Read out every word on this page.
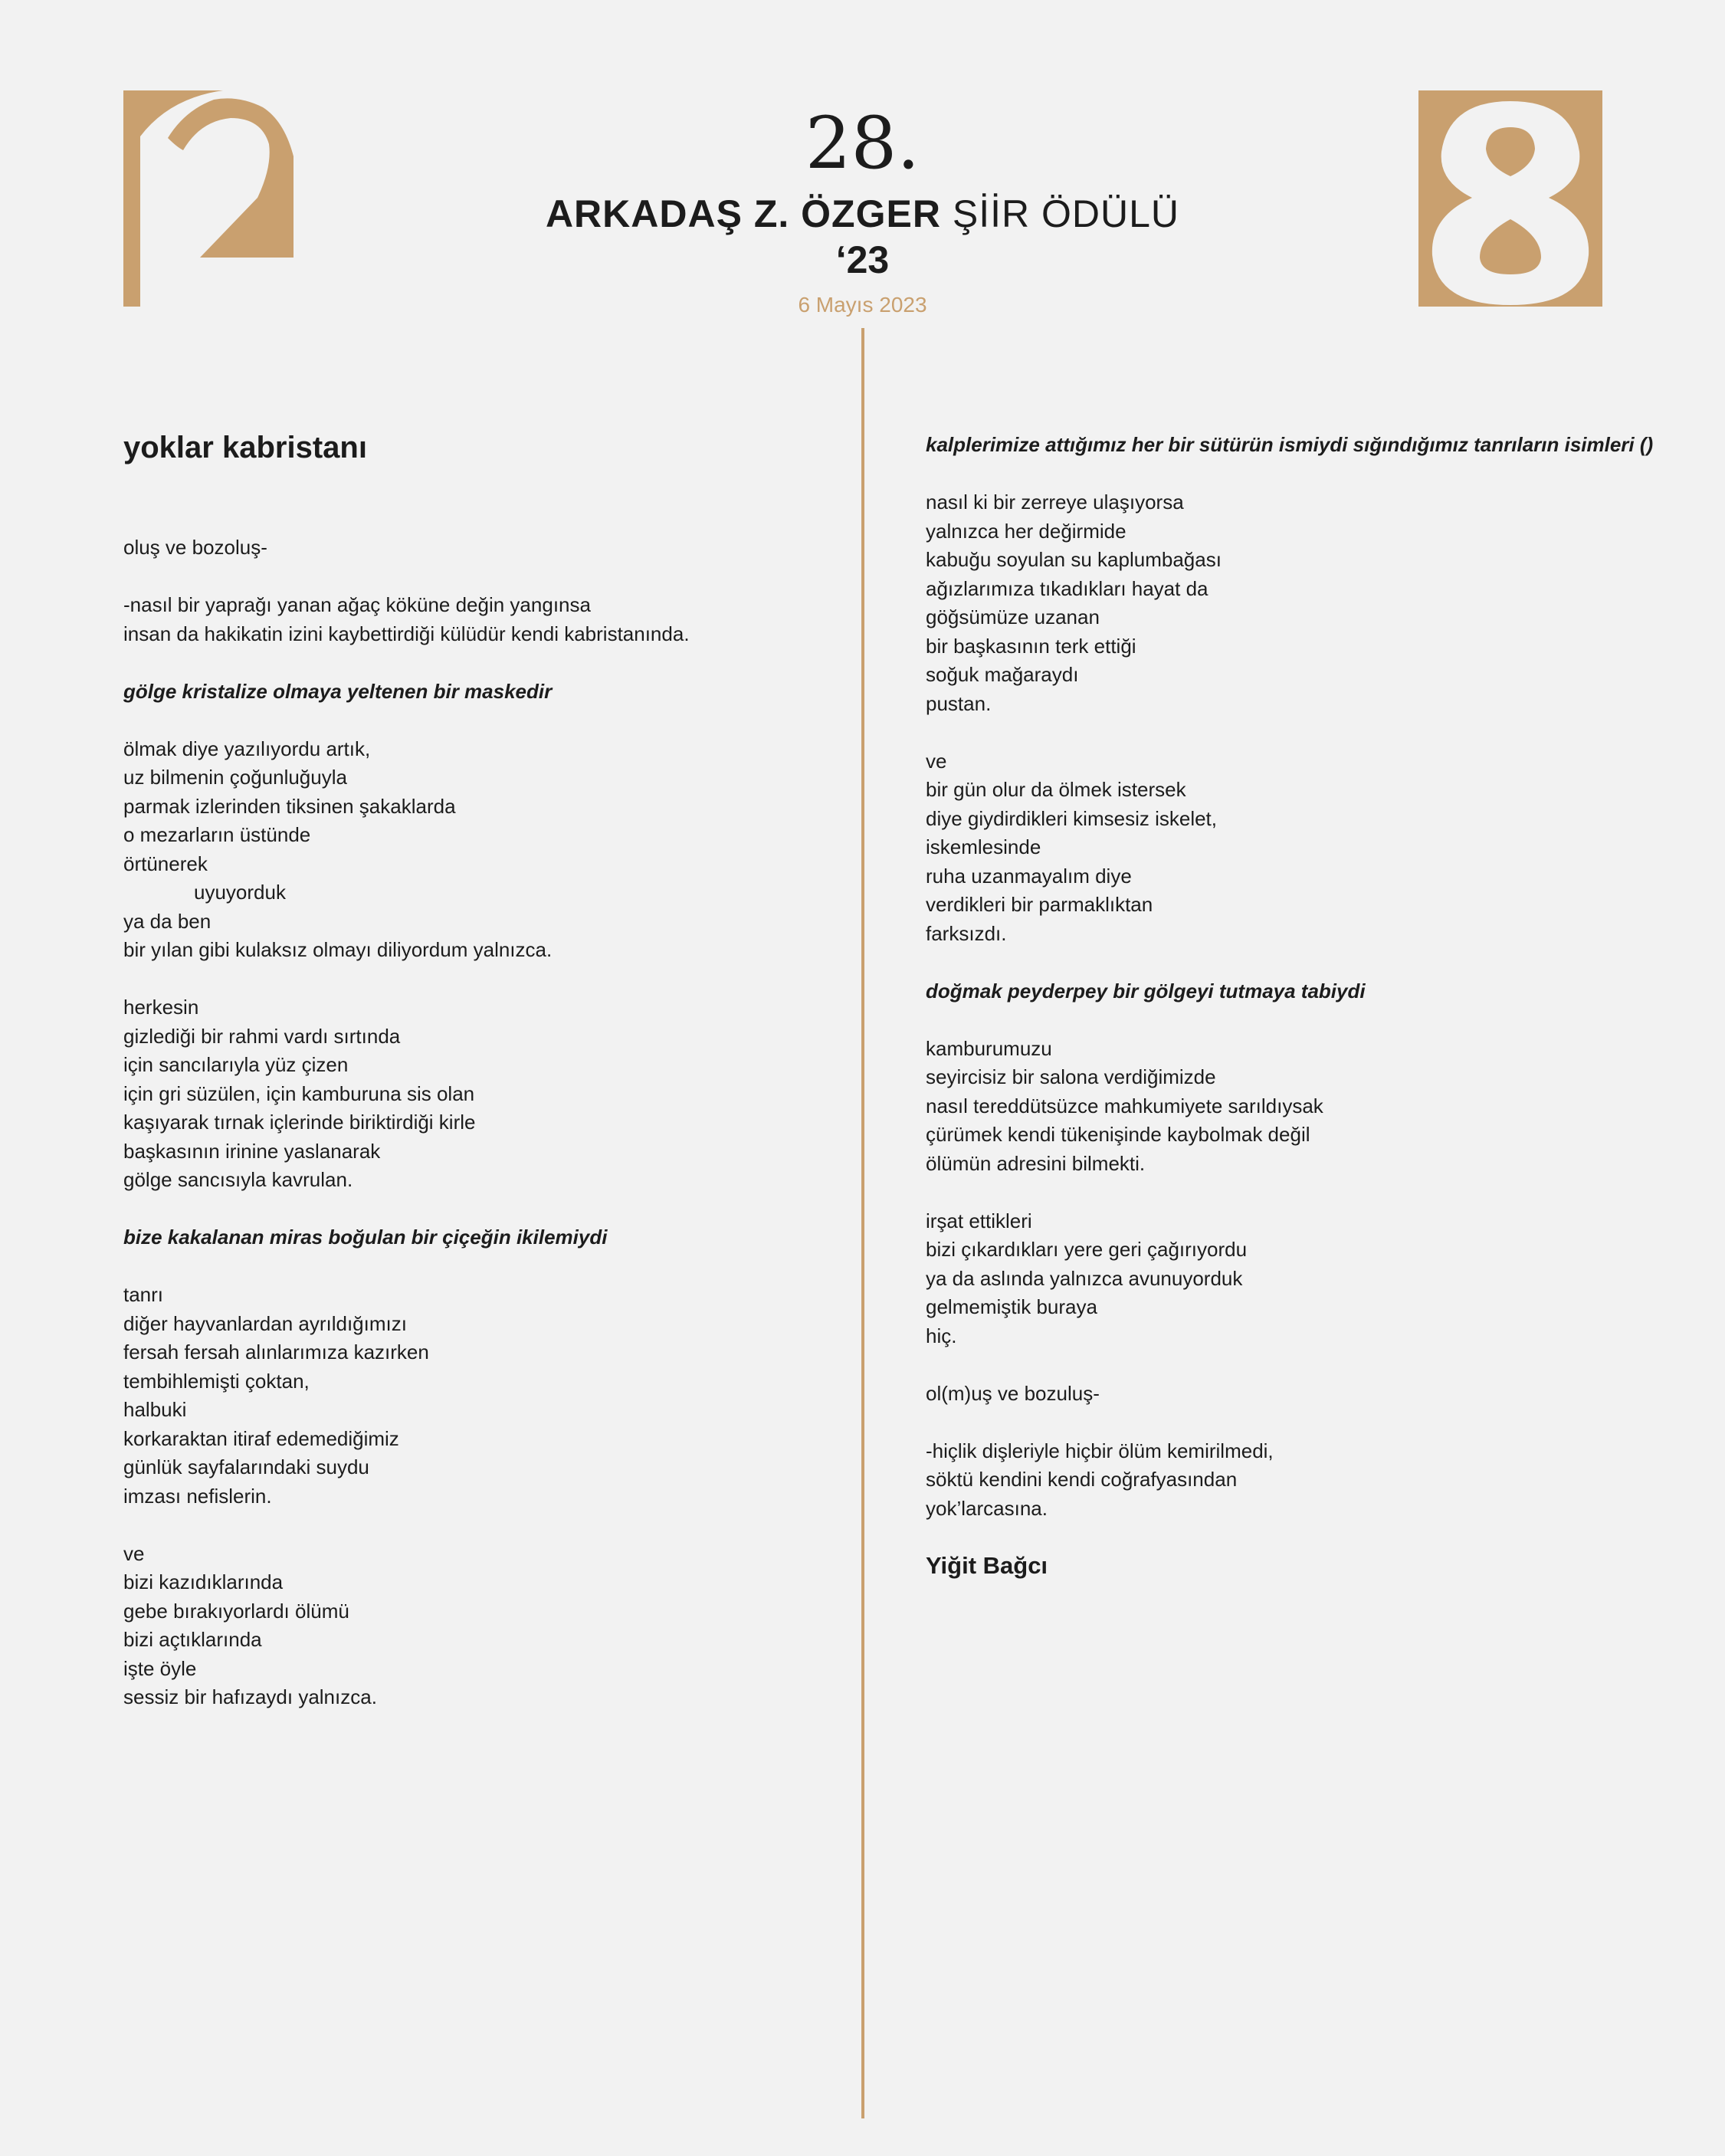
28.
ARKADAŞ Z. ÖZGER ŞİİR ÖDÜLÜ
‘23
6 Mayıs 2023
yoklar kabristanı
oluş ve bozoluş-
-nasıl bir yaprağı yanan ağaç köküne değin yangınsa
insan da hakikatin izini kaybettirdiği külüdür kendi kabristanında.
gölge kristalize olmaya yeltenen bir maskedir
ölmak diye yazılıyordu artık,
uz bilmenin çoğunluğuyla
parmak izlerinden tiksinen şakaklarda
o mezarların üstünde
örtünerek
uyuyorduk
ya da ben
bir yılan gibi kulaksız olmayı diliyordum yalnızca.
herkesin
gizlediği bir rahmi vardı sırtında
için sancılarıyla yüz çizen
için gri süzülen, için kamburuna sis olan
kaşıyarak tırnak içlerinde biriktirdiği kirle
başkasının irinine yaslanarak
gölge sancısıyla kavrulan.
bize kakalanan miras boğulan bir çiçeğin ikilemiydi
tanrı
diğer hayvanlardan ayrıldığımızı
fersah fersah alınlarımıza kazırken
tembihlemişti çoktan,
halbuki
korkaraktan itiraf edemediğimiz
günlük sayfalarındaki suydu
imzası nefislerin.
ve
bizi kazıdıklarında
gebe bırakıyorlardı ölümü
bizi açtıklarında
işte öyle
sessiz bir hafızaydı yalnızca.
kalplerimize attığımız her bir sütürün ismiydi sığındığımız tanrıların isimleri ()
nasıl ki bir zerreye ulaşıyorsa
yalnızca her değirmide
kabuğu soyulan su kaplumbağası
ağızlarımıza tıkadıkları hayat da
göğsümüze uzanan
bir başkasının terk ettiği
soğuk mağaraydı
pustan.
ve
bir gün olur da ölmek istersek
diye giydirdikleri kimsesiz iskelet,
iskemlesinde
ruha uzanmayalım diye
verdikleri bir parmaklıktan
farksızdı.
doğmak peyderpey bir gölgeyi tutmaya tabiydi
kamburumuzu
seyircisiz bir salona verdiğimizde
nasıl tereddütsüzce mahkumiyete sarıldıysak
çürümek kendi tükenişinde kaybolmak değil
ölümün adresini bilmekti.
irşat ettikleri
bizi çıkardıkları yere geri çağırıyordu
ya da aslında yalnızca avunuyorduk
gelmemiştik buraya
hiç.
ol(m)uş ve bozuluş-
-hiçlik dişleriyle hiçbir ölüm kemirilmedi,
söktü kendini kendi coğrafyasından
yok’larcasına.
Yiğit Bağcı
